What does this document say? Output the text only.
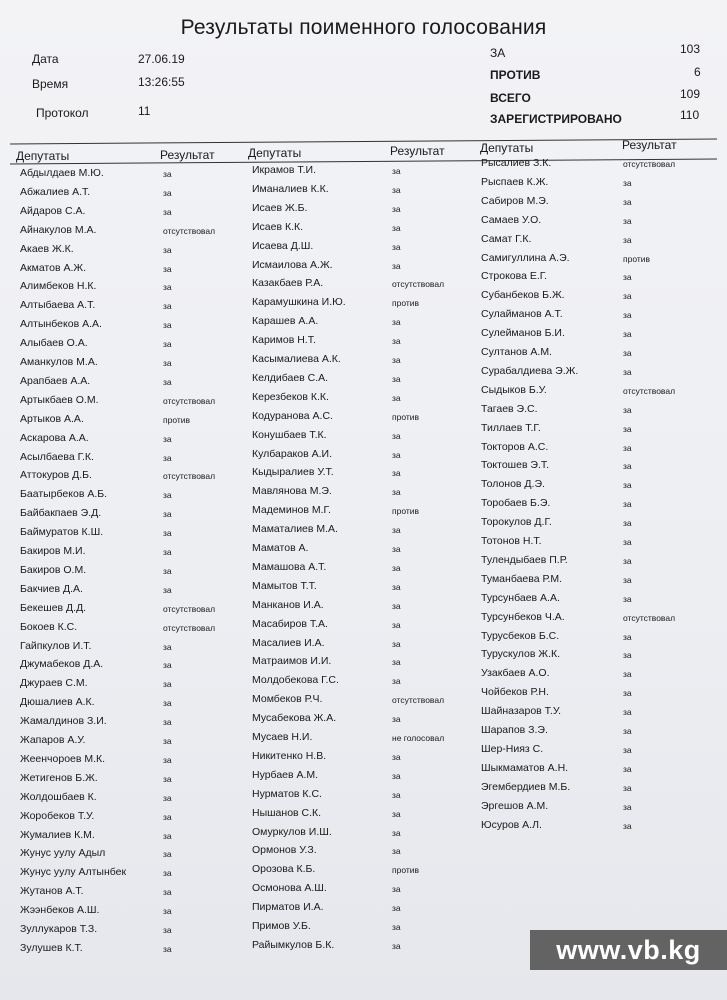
Результаты поименного голосования
Дата	27.06.19
Время	13:26:55
Протокол	11
ЗА	103
ПРОТИВ	6
ВСЕГО	109
ЗАРЕГИСТРИРОВАНО	110
Депутаты	Результат	Депутаты	Результат	Депутаты	Результат
Абдылдаев М.Ю.	за
Абжалиев А.Т.	за
Айдаров С.А.	за
Айнакулов М.А.	отсутствовал
Акаев Ж.К.	за
Акматов А.Ж.	за
Алимбеков Н.К.	за
Алтыбаева А.Т.	за
Алтынбеков А.А.	за
Алыбаев О.А.	за
Аманкулов М.А.	за
Арапбаев А.А.	за
Артыкбаев О.М.	отсутствовал
Артыков А.А.	против
Аскарова А.А.	за
Асылбаева Г.К.	за
Аттокуров Д.Б.	отсутствовал
Баатырбеков А.Б.	за
Байбакпаев Э.Д.	за
Баймуратов К.Ш.	за
Бакиров М.И.	за
Бакиров О.М.	за
Бакчиев Д.А.	за
Бекешев Д.Д.	отсутствовал
Бокоев К.С.	отсутствовал
Гайпкулов И.Т.	за
Джумабеков Д.А.	за
Джураев С.М.	за
Дюшалиев А.К.	за
Жамалдинов З.И.	за
Жапаров А.У.	за
Жеенчороев М.К.	за
Жетигенов Б.Ж.	за
Жолдошбаев К.	за
Жоробеков Т.У.	за
Жумалиев К.М.	за
Жунус уулу Адыл	за
Жунус уулу Алтынбек	за
Жутанов А.Т.	за
Жээнбеков А.Ш.	за
Зуллукаров Т.З.	за
Зулушев К.Т.	за
Икрамов Т.И.	за
Иманалиев К.К.	за
Исаев Ж.Б.	за
Исаев К.К.	за
Исаева Д.Ш.	за
Исмаилова А.Ж.	за
Казакбаев Р.А.	отсутствовал
Карамушкина И.Ю.	против
Карашев А.А.	за
Каримов Н.Т.	за
Касымалиева А.К.	за
Келдибаев С.А.	за
Керезбеков К.К.	за
Кодуранова А.С.	против
Конушбаев Т.К.	за
Кулбараков А.И.	за
Кыдыралиев У.Т.	за
Мавлянова М.Э.	за
Мадеминов М.Г.	против
Маматалиев М.А.	за
Маматов А.	за
Мамашова А.Т.	за
Мамытов Т.Т.	за
Манканов И.А.	за
Масабиров Т.А.	за
Масалиев И.А.	за
Матраимов И.И.	за
Молдобекова Г.С.	за
Момбеков Р.Ч.	отсутствовал
Мусабекова Ж.А.	за
Мусаев Н.И.	не голосовал
Никитенко Н.В.	за
Нурбаев А.М.	за
Нурматов К.С.	за
Нышанов С.К.	за
Омуркулов И.Ш.	за
Ормонов У.З.	за
Орозова К.Б.	против
Осмонова А.Ш.	за
Пирматов И.А.	за
Примов У.Б.	за
Райымкулов Б.К.	за
Рысалиев З.К.	отсутствовал
Рыспаев К.Ж.	за
Сабиров М.Э.	за
Самаев У.О.	за
Самат Г.К.	за
Самигуллина А.Э.	против
Строкова Е.Г.	за
Субанбеков Б.Ж.	за
Сулайманов А.Т.	за
Сулейманов Б.И.	за
Султанов А.М.	за
Сурабалдиева Э.Ж.	за
Сыдыков Б.У.	отсутствовал
Тагаев Э.С.	за
Тиллаев Т.Г.	за
Токторов А.С.	за
Токтошев Э.Т.	за
Толонов Д.Э.	за
Торобаев Б.Э.	за
Торокулов Д.Г.	за
Тотонов Н.Т.	за
Тулендыбаев П.Р.	за
Туманбаева Р.М.	за
Турсунбаев А.А.	за
Турсунбеков Ч.А.	отсутствовал
Турусбеков Б.С.	за
Турускулов Ж.К.	за
Узакбаев А.О.	за
Чойбеков Р.Н.	за
Шайназаров Т.У.	за
Шарапов З.Э.	за
Шер-Нияз С.	за
Шыкмаматов А.Н.	за
Эгембердиев М.Б.	за
Эргешов А.М.	за
Юсуров А.Л.	за
www.vb.kg
